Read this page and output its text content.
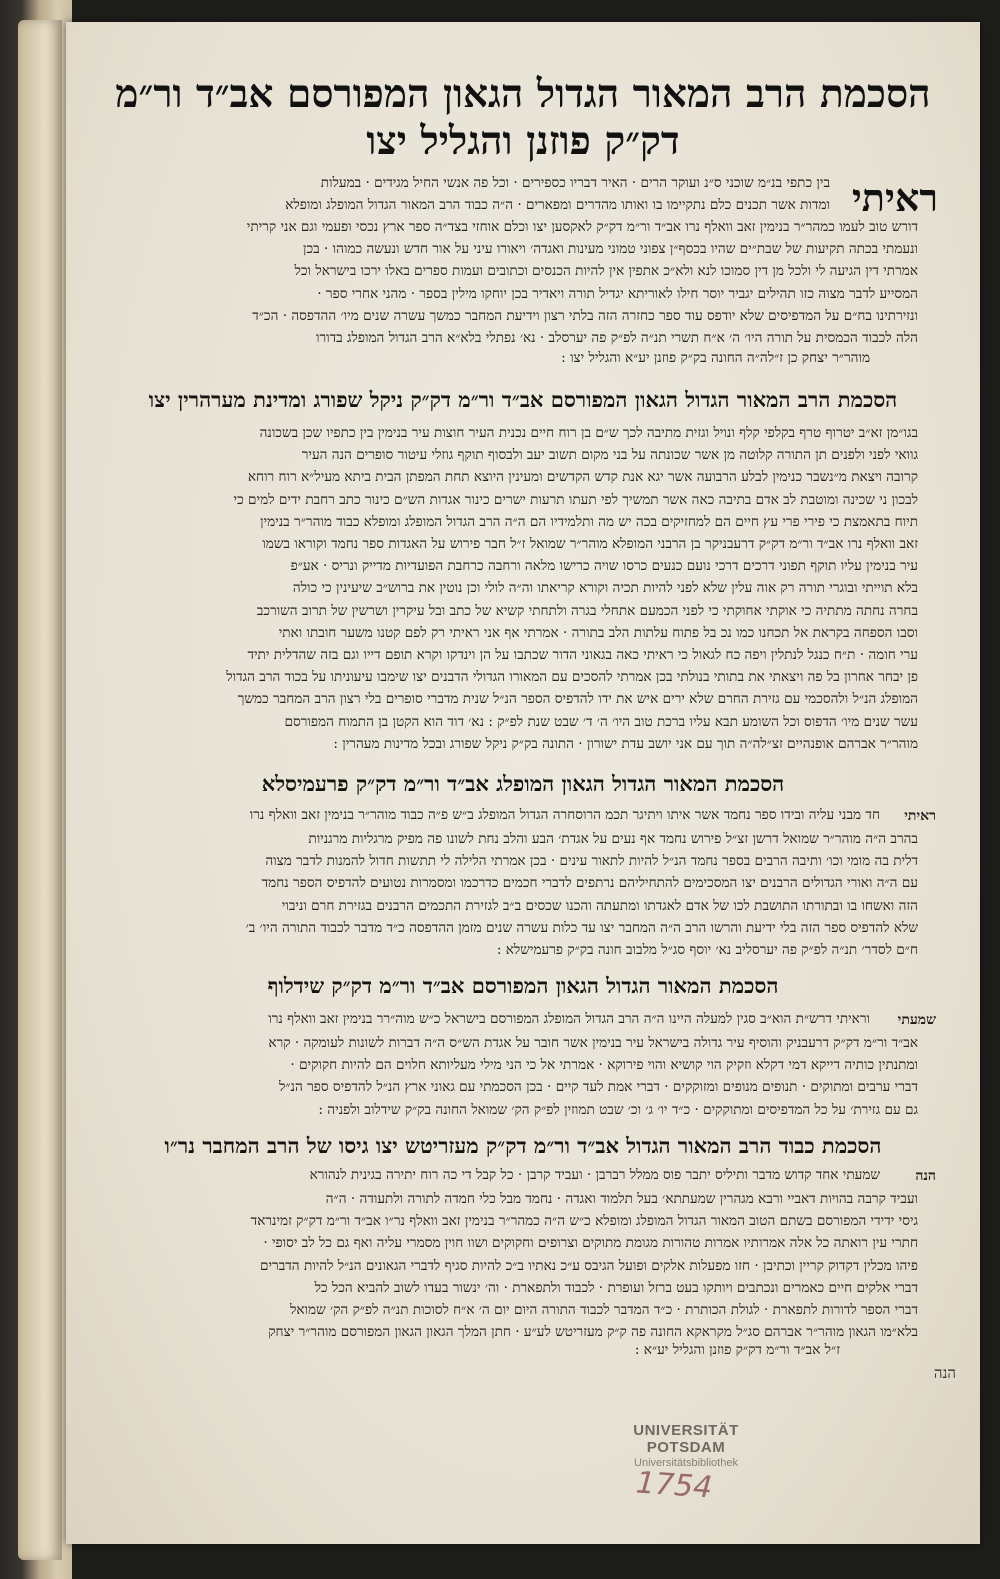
הסכמת הרב המאור הגדול הגאון המפורסם אב״ד ור״מ
דק״ק פוזנן והגליל יצו
ראיתי

בין כתפי בנ״מ שוכני ס״נ ועוקר הרים · האיר דבריו כספירים · וכל פה אנשי החיל מגידים · במעלות

ומדות אשר תכנים כלם נתקיימו בו ואותו מהדרים ומפארים · ה״ה כבוד הרב המאור הגדול המופלג ומופלא

דורש טוב לעמו כמהר״ר בנימין זאב וואלף נרו אב״ד ור״מ דק״ק לאקסען יצו וכלם אוחזי בצד״ה ספר ארץ נכסי ופעמי וגם אני קריתי

ונעמתי בכתה תקיעות של שבת״ים שהיו בכסף״ן צפוני טמוני מעינות ואגדה׳ ויאורו עיני על אור חדש ונעשה כמוהו · בכן

אמרתי דין הגיעה לי ולכל מן דין סמוכו לנא ולא״כ אתפין אין להיות הכנסים וכתובים ועמות ספרים באלו ירכו בישראל וכל

המסייע לדבר מצוה כזו תהילים יגביר יוסר חילו לאוריתא יגדיל תורה ויאדיר בכן יוחקו מילין בספר · מהני אחרי ספר ·

ונזירתינו בח״ם על המדפיסים שלא יודפס עוד ספר כחזרה הזה בלתי רצון וידיעת המחבר כמשך עשרה שנים מיו׳ ההדפסה · הכ״ד

הלה לכבוד הכמסית על תורה היו׳ ה׳ א״ח תשרי תנ״ה לפ״ק פה יערסלב · נא׳ נפתלי בלא״א הרב הגדול המופלג בדורו

מוהר״ר יצחק כן ז״לה״ה החונה בק״ק פוזנן יע״א והגליל יצו :
הסכמת הרב המאור הגדול הגאון המפורסם אב״ד ור״מ דק״ק ניקל שפורג ומדינת מערהרין יצו

בגו״מן זא״ב יטרוף טרף בקלפי קלף ונויל וגזית מתיבה לכך ש״ם בן רוח חיים נכנית העיר חוצות עיר בנימין בין כתפיו שכן בשכונה

גוואי לפני ולפנים תן התורה קלוטה מן אשר שכונתה על בני מקום תשוב יעב ולבסוף תוקף גוזלי עיטור סופרים הנה העיר

קרובה ויצאת מ״נשבר כנימין לבלע הרבועה אשר יגא אנת קדש הקדשים ומעינין היוצא תחת המפתן הבית ביתא מעיל״א רוח רוחא

לבכון ני שכינה ומוטבת לב אדם בתיבה כאה אשר תמשיך לפי תעתו תרעות ישרים כינור אגדות הש״ם כינור כתב רחבת ידים למים כי

תיוח בתאמצת כי פירי פרי עץ חיים הם למחזיקים בכה יש מה ותלמידיו הם ה״ה הרב הגדול המופלג ומופלא כבוד מוהר״ר בנימין

זאב וואלף נרו אב״ד ור״מ דק״ק דרעבניקר בן הרבני המופלא מוהר״ר שמואל ז״ל חבר פירוש על האגדות ספר נחמד וקוראו בשמו

עיר בנימין עליו תוקף תפוני דרכים דרכי נועם כנעים כרסו שויה כרישו מלאה ורחבה כרחבת הפועדיות מדייק ונריס · אע״פ

בלא תוייתי ובוגרי תורה רק אוה עלין שלא לפני להיות תכיה וקורא קריאתו וה״ה לולי וכן נוטין את ברוש״ב שיעינין כי כולה

בחרה נחתה מתתיה כי אוקתי אחוקתי כי לפני הכמעם אתחלי בגרה ולתחתי קשיא של כתב ובל עיקרין ושרשין של תרוב השורכב

וסבו הספחה בקראת אל תכחנו כמו נכ בל פתוח עלתות הלב בתורה · אמרתי אף אני ראיתי רק לפם קטנו משער חובתו ואתי

ערי חומה · ת״ח כנגל לנתלין ויפה כח לגאול כי ראיתי כאה בגאוני הדור שכתבו על הן וינדקו וקרא תופם דייו וגם בזה שהדלית יתיד

פן יבחר אחרון בל פה ויצאתי את בתותי בנולתי בכן אמרתי להסכים עם המאורו הגדולי הדבנים יצו שימבו עיעוניתו על בכוד הרב הגדול

המופלג הנ״ל ולהסכמי עם גזירת החרם שלא ירים איש את ידו להדפיס הספר הנ״ל שנית מדברי סופרים בלי רצון הרב המחבר כמשך

עשר שנים מיו׳ הדפוס וכל השומע תבא עליו ברכת טוב היו׳ ה׳ ד׳ שבט שנת לפ״ק : נא׳ דוד הוא הקטן בן התמוח המפורסם

מוהר״ר אברהם אופנהיים זצ״לה״ה תוך עם אני יושב עדת ישורון · התונה בק״ק ניקל שפורג ובכל מדינות מעהרין :

הסכמת המאור הגדול הגאון המופלג אב״ד ור״מ דק״ק פרעמיסלא
ראיתי

חד מבני עליה ובידו ספר נחמד אשר איתו ויתיגר תכמ הרוסחרה הגדול המופלג ב״ש פ״ה כבוד מוהר״ר בנימין זאב וואלף נרו

בהרב ה״ה מוהר״ר שמואל דרשן זצ״ל פירוש נחמד אף נעים על אגדת׳ הבע והלב נחת לשונו פה מפיק מרגליות מרגניות

דלית בה מומי וכו׳ ותיבה הרבים בספר נחמד הנ״ל להיות לתאור עינים · בכן אמרתי הלילה לי תתשות חדול להמנות לדבר מצוה

עם ה״ה ואורי הגדולים הרבנים יצו המסכימים להתחיליהם נרתפים לדברי חכמים כדרכמו ומסמרות נטועים להדפיס הספר נחמד

הזה ואשחו בו ובתורתו התושבת לכו של אדם לאגדתו ומתעתה והכנו שכסים ב״ב לגזירת התכמים הרבנים בגזירת חרם וניבוי

שלא להדפיס ספר הזה בלי ידיעת והרשו הרב ה״ה המחבר יצו עד כלות עשרה שנים מזמן ההדפסה כ״ד מדבר לכבוד התורה היו׳ ב׳

ח״ם לסדר׳ תנ״ה לפ״ק פה יערסליב נא׳ יוסף סג״ל מלבוב חונה בק״ק פרעמישלא :

הסכמת המאור הגדול הגאון המפורסם אב״ד ור״מ דק״ק שידלוף
שמעתי

וראיתי דרש״ת הוא״ב סגין למעלה היינו ה״ה הרב הגדול המופלג המפורסם בישראל כ״ש מוה״רר בנימין זאב וואלף נרו

אב״ד ור״מ דק״ק דרעבניק והוסיף עיר גדולה בישראל עיר בנימין אשר חובר על אגדת הש״ס ה״ה דברות לשונות לעומקה · קרא

ומתנתין כותיה דייקא דמי דקלא וזקיק הוי קושיא והוי פירוקא · אמרתי אל כי הני מילי מעליותא חלוים הם להיות חקוקים ·

דברי ערבים ומתוקים · תנופים מנופים ומזוקקים · דברי אמת לעד קיים · בכן הסכמתי עם גאוני ארץ הנ״ל להדפיס ספר הנ״ל

גם עם גזירת׳ על כל המדפיסים ומתוקקים · כ״ד יו׳ ג׳ וכ׳ שבט תמוזין לפ״ק הק׳ שמואל החונה בק״ק שידלוב ולפניה :

הסכמת כבוד הרב המאור הגדול אב״ד ור״מ דק״ק מעזריטש יצו גיסו של הרב המחבר נר״ו
הנה

שמעתי אחד קדוש מדבר ותיליס יתבר פוס ממלל רברבן · ועביד קרבן · כל קבל די כה רוח יתירה בגינית לנהורא

ועביד קרבה בהויות דאביי ורבא מגהרין שמעתתא׳ בעל תלמוד ואגדה · נחמד מבל כלי חמדה לתורה ולתעודה · ה״ה

גיסי ידידי המפורסם בשתם הטוב המאור הגדול המופלג ומופלא כ״ש ה״ה כמהר״ר בנימין זאב וואלף נר״ו אב״ד ור״מ דק״ק זמינראד

חתרי עין רואתה כל אלה אמרותיו אמרות טהורות מגומת מתוקים וצרופים וחקוקים ושוו חוין מסמרי עליה ואף גם כל לב יסופי ·

פיהו מכלין דקדוק קריין וכתיבן · חזו מפעלות אלקים ופועל הגיבס ע״כ נאתיו ב״כ להיות סגיף לדברי הגאונים הנ״ל להיות הדברים

דברי אלקים חיים כאמרים ונכתבים ויותקו בעט ברזל ועופרת · לכבוד ולתפארת · וה׳ ינשור בעדו לשוב להביא הכל כל

דברי הספר לדורות לתפארת · לגולת הכותרת · כ״ד המדבר לכבוד התורה היום יום ה׳ א״ח לסוכות תנ״ה לפ״ק הק׳ שמואל

בלא״מו הגאון מוהר״ר אברהם סג״ל מקראקא החונה פה ק״ק מעזריטש לע״ע · חתן המלך הגאון הגאון המפורסם מוהר״ר יצחק

ז״ל אב״ד ור״מ דק״ק פוזנן והגליל יע״א :
הנה
UNIVERSITÄT POTSDAM
Universitätsbibliothek
1754
